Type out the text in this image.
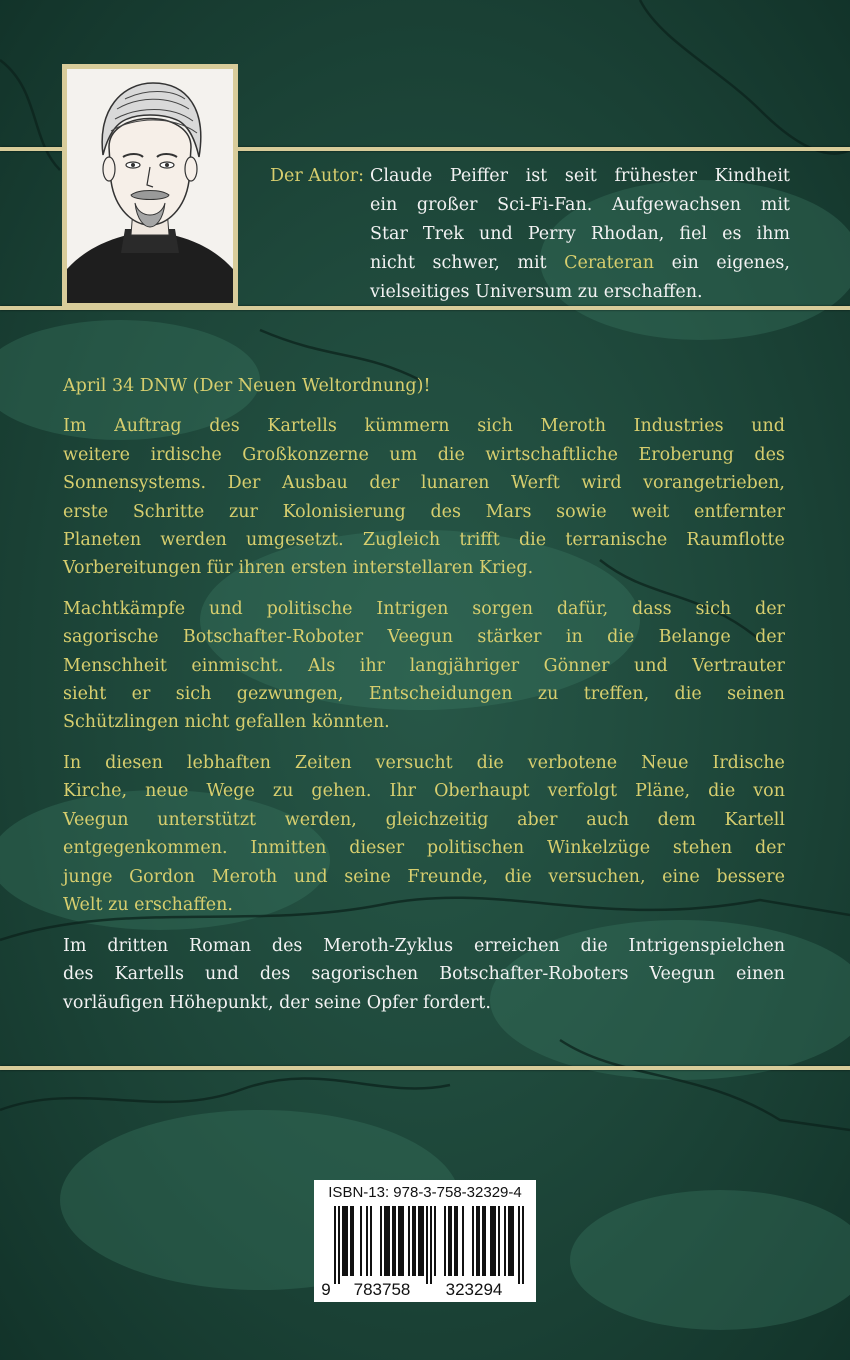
Der Autor: Claude Peiffer ist seit frühester Kindheit
ein großer Sci-Fi-Fan. Aufgewachsen mit
Star Trek und Perry Rhodan, fiel es ihm
nicht schwer, mit Cerateran ein eigenes,
vielseitiges Universum zu erschaffen.

April 34 DNW (Der Neuen Weltordnung)!

Im Auftrag des Kartells kümmern sich Meroth Industries und
weitere irdische Großkonzerne um die wirtschaftliche Eroberung des
Sonnensystems. Der Ausbau der lunaren Werft wird vorangetrieben,
erste Schritte zur Kolonisierung des Mars sowie weit entfernter
Planeten werden umgesetzt. Zugleich trifft die terranische Raumflotte
Vorbereitungen für ihren ersten interstellaren Krieg.

Machtkämpfe und politische Intrigen sorgen dafür, dass sich der
sagorische Botschafter-Roboter Veegun stärker in die Belange der
Menschheit einmischt. Als ihr langjähriger Gönner und Vertrauter
sieht er sich gezwungen, Entscheidungen zu treffen, die seinen
Schützlingen nicht gefallen könnten.

In diesen lebhaften Zeiten versucht die verbotene Neue Irdische
Kirche, neue Wege zu gehen. Ihr Oberhaupt verfolgt Pläne, die von
Veegun unterstützt werden, gleichzeitig aber auch dem Kartell
entgegenkommen. Inmitten dieser politischen Winkelzüge stehen der
junge Gordon Meroth und seine Freunde, die versuchen, eine bessere
Welt zu erschaffen.

Im dritten Roman des Meroth-Zyklus erreichen die Intrigenspielchen
des Kartells und des sagorischen Botschafter-Roboters Veegun einen
vorläufigen Höhepunkt, der seine Opfer fordert.
ISBN-13: 978-3-758-32329-4
9 783758 323294
